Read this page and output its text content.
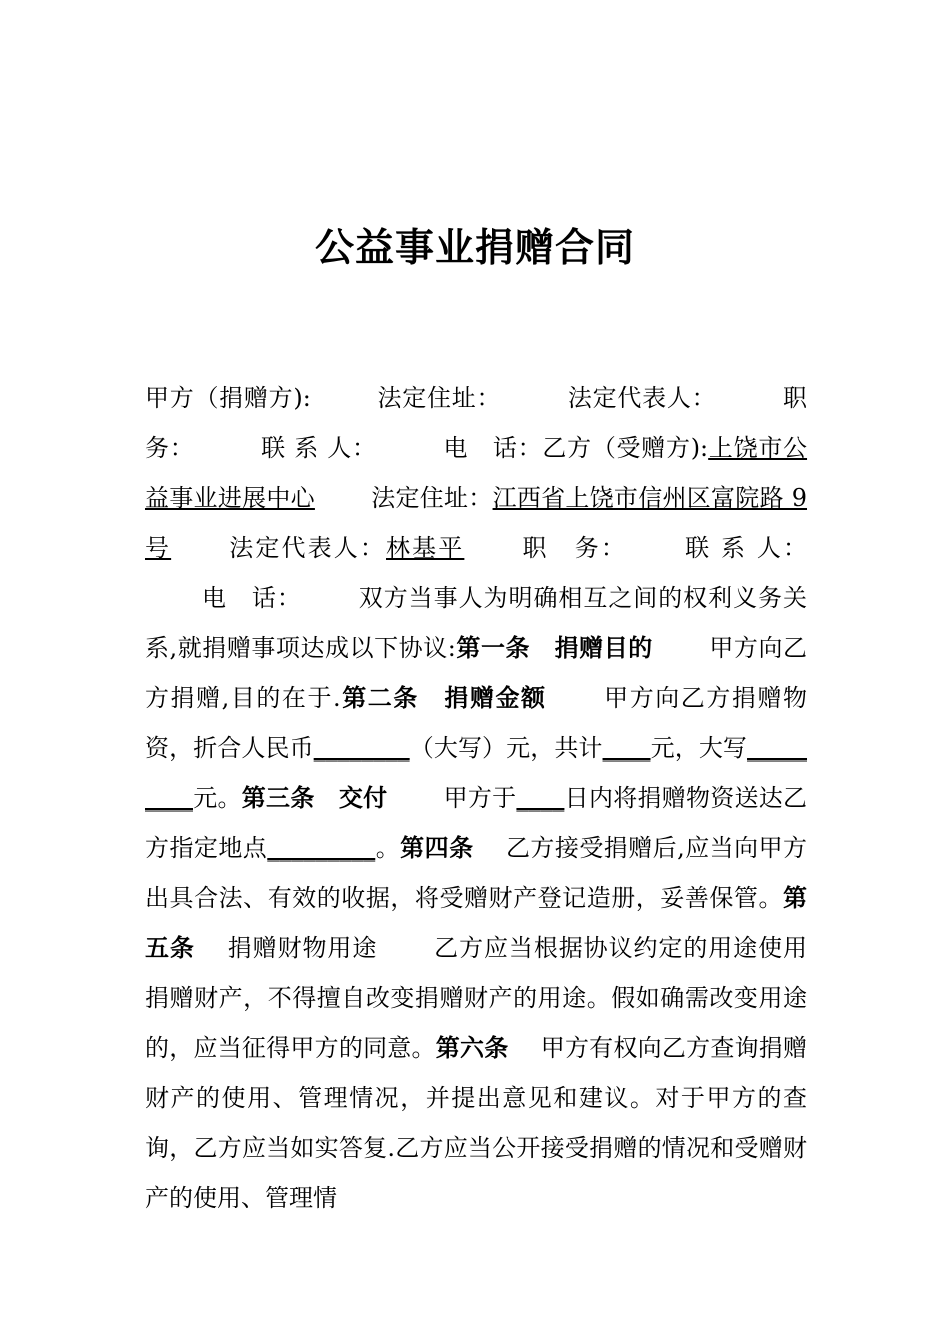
公益事业捐赠合同
甲方（捐赠方):	法定住址：	法定代表人：	职务：	联 系 人：	电　话：乙方（受赠方):上饶市公益事业进展中心 法定住址：江西省上饶市信州区富院路 9 号 法定代表人：林基平 职　务： 联 系 人：电　话： 双方当事人为明确相互之间的权利义务关系,就捐赠事项达成以下协议:第一条　捐赠目的 甲方向乙方捐赠,目的在于.第二条　捐赠金额 甲方向乙方捐赠物资，折合人民币________（大写）元，共计____元，大写_________元。第三条　交付 甲方于____日内将捐赠物资送达乙方指定地点_________。第四条 乙方接受捐赠后,应当向甲方出具合法、有效的收据，将受赠财产登记造册，妥善保管。第五条 捐赠财物用途 乙方应当根据协议约定的用途使用捐赠财产，不得擅自改变捐赠财产的用途。假如确需改变用途的，应当征得甲方的同意。第六条 甲方有权向乙方查询捐赠财产的使用、管理情况，并提出意见和建议。对于甲方的查询，乙方应当如实答复.乙方应当公开接受捐赠的情况和受赠财产的使用、管理情
